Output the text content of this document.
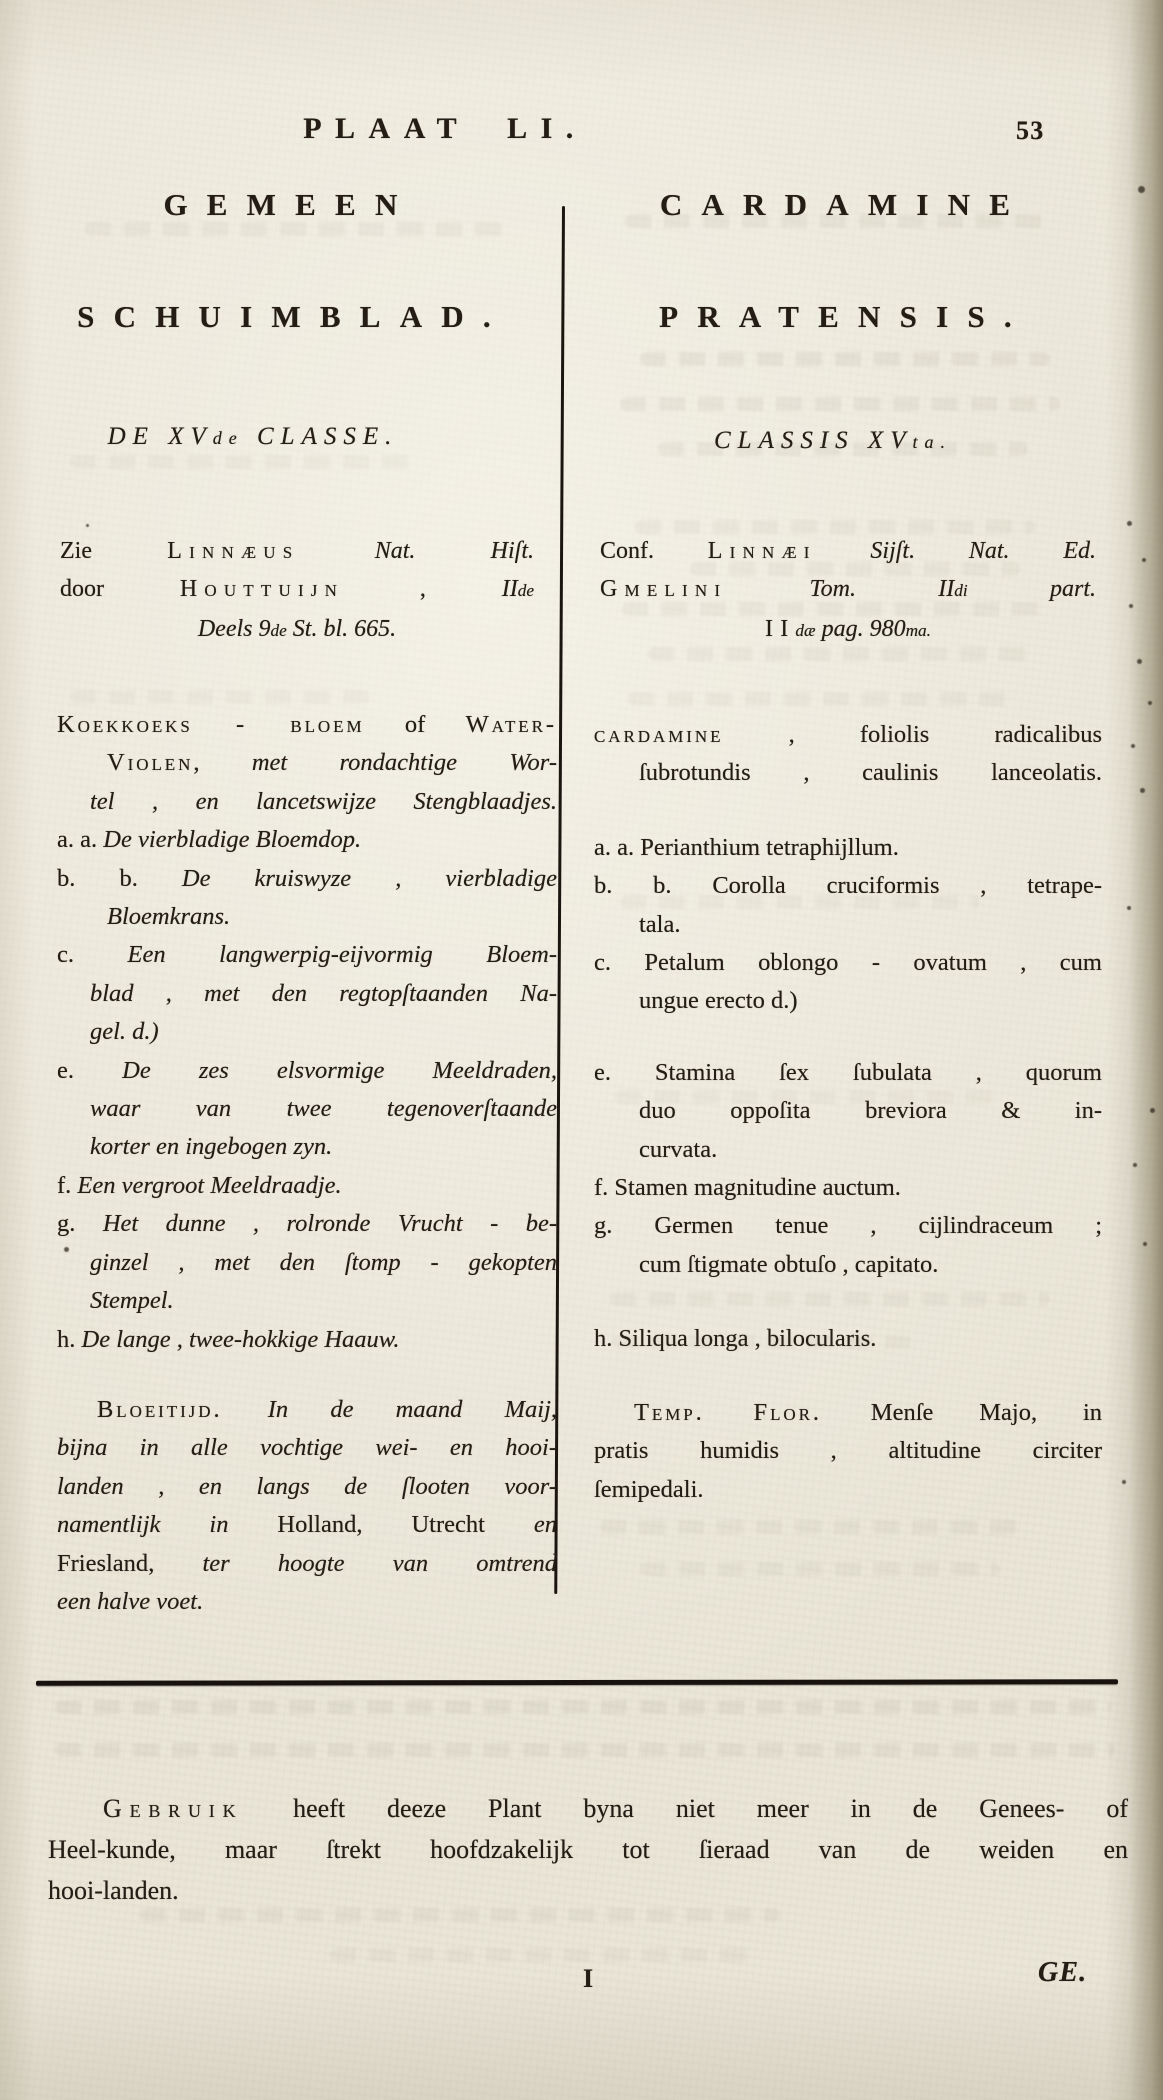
PLAAT LI.	53
GEMEEN	CARDAMINE
SCHUIMBLAD.	PRATENSIS.
DE XVde CLASSE.	CLASSIS XVta.
Zie Linnæus	Nat. Hiſt.
door Houttuijn , IIde
Deels 9de St. bl. 665.
Conf. Linnæi Sijſt. Nat. Ed.
Gmelini	Tom. IIdi part.
IIdæ pag. 980ma.
Koekkoeks - bloem of Water-
Violen, met rondachtige Wor-
tel , en lancetswijze Stengblaadjes.
a. a. De vierbladige Bloemdop.
b. b. De kruiswyze , vierbladige
Bloemkrans.
c. Een langwerpig-eijvormig Bloem-
blad , met den regtopſtaanden Na-
gel. d.)
e. De zes elsvormige Meeldraden,
waar van twee tegenoverſtaande
korter en ingebogen zyn.
f. Een vergroot Meeldraadje.
g. Het dunne , rolronde Vrucht - be-
ginzel , met den ſtomp - gekopten
Stempel.
h. De lange , twee-hokkige Haauw.
Bloeitijd. In de maand Maij,
bijna in alle vochtige wei- en hooi-
landen , en langs de ſlooten voor-
namentlijk in Holland, Utrecht en
Friesland, ter hoogte van omtrend
een halve voet.
cardamine , foliolis radicalibus
ſubrotundis , caulinis lanceolatis.
a. a. Perianthium tetraphijllum.
b. b. Corolla cruciformis , tetrape-
tala.
c. Petalum oblongo - ovatum , cum
ungue erecto d.)
e. Stamina ſex ſubulata , quorum
duo oppoſita breviora & in-
curvata.
f. Stamen magnitudine auctum.
g. Germen tenue , cijlindraceum ;
cum ſtigmate obtuſo , capitato.
h. Siliqua longa , bilocularis.
Temp. Flor. Menſe Majo, in
pratis humidis , altitudine circiter
ſemipedali.
Gebruik heeft deeze Plant byna niet meer in de Genees- of
Heel-kunde, maar ſtrekt hoofdzakelijk tot ſieraad van de weiden en
hooi-landen.
I	GE.
